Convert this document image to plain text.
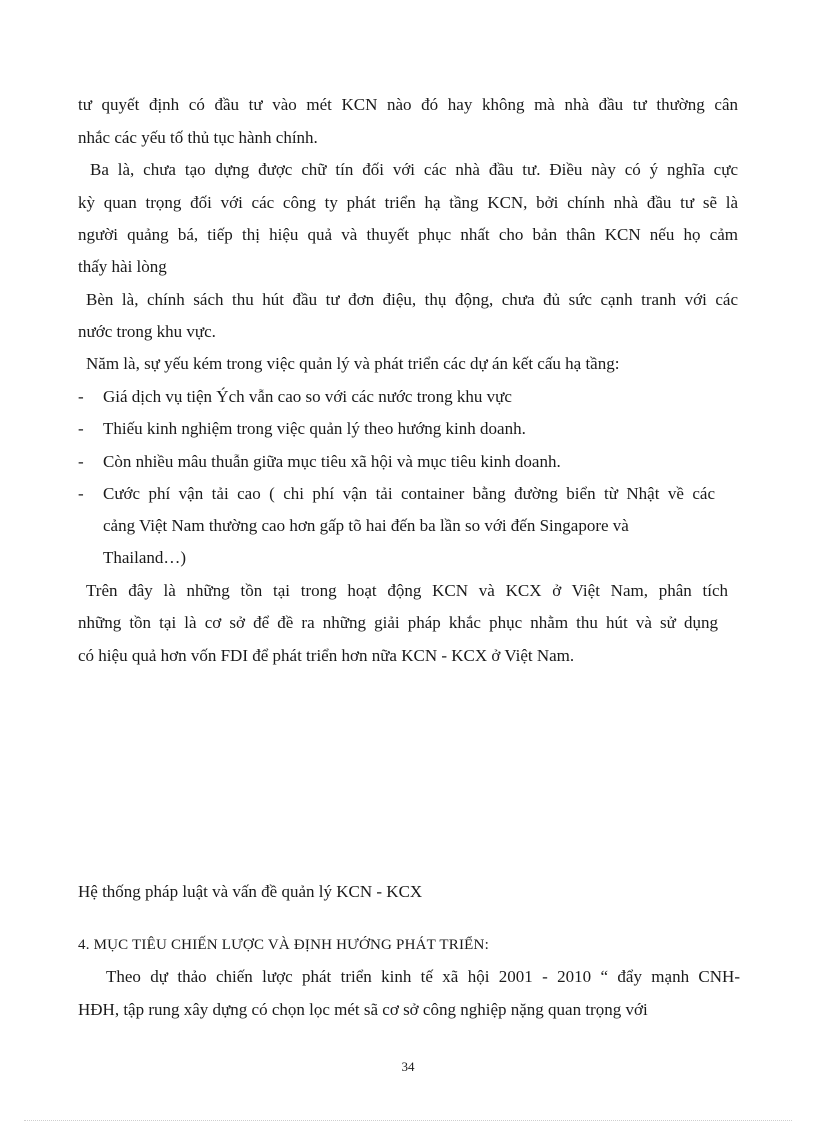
tư quyết định có đầu tư vào mét KCN nào đó hay không mà nhà đầu tư thường cân

nhắc các yếu tố thủ tục hành chính.

Ba là, chưa tạo dựng được chữ tín đối với các nhà đầu tư. Điều này có ý nghĩa cực

kỳ quan trọng đối với các công ty phát triển hạ tầng KCN, bởi chính nhà đầu tư sẽ là

người quảng bá, tiếp thị hiệu quả và thuyết phục nhất cho bản thân KCN nếu họ cảm

thấy hài lòng

Bèn là, chính sách thu hút đầu tư đơn điệu, thụ động, chưa đủ sức cạnh tranh với các

nước trong khu vực.

Năm là, sự yếu kém trong việc quản lý và phát triển các dự án kết cấu hạ tầng:

- Giá dịch vụ tiện Ých vẫn cao so với các nước trong khu vực
- Thiếu kinh nghiệm trong việc quản lý theo hướng kinh doanh.
- Còn nhiều mâu thuẫn giữa mục tiêu xã hội và mục tiêu kinh doanh.
- Cước phí vận tải cao ( chi phí vận tải container bằng đường biển từ Nhật về các
cảng Việt Nam thường cao hơn gấp tõ hai đến ba lần so với đến Singapore và
Thailand…)

Trên đây là những tồn tại trong hoạt động KCN và KCX ở Việt Nam, phân tích

những tồn tại là cơ sở để đề ra những giải pháp khắc phục nhằm thu hút và sử dụng

có hiệu quả hơn vốn FDI để phát triển hơn nữa KCN - KCX ở Việt Nam.

Hệ thống pháp luật và vấn đề quản lý KCN - KCX

4. MỤC TIÊU CHIẾN LƯỢC VÀ ĐỊNH HƯỚNG PHÁT TRIỂN:

Theo dự thảo chiến lược phát triển kinh tế xã hội 2001 - 2010 “ đẩy mạnh CNH-

HĐH, tập rung xây dựng có chọn lọc mét sã cơ sở công nghiệp nặng quan trọng với

34
